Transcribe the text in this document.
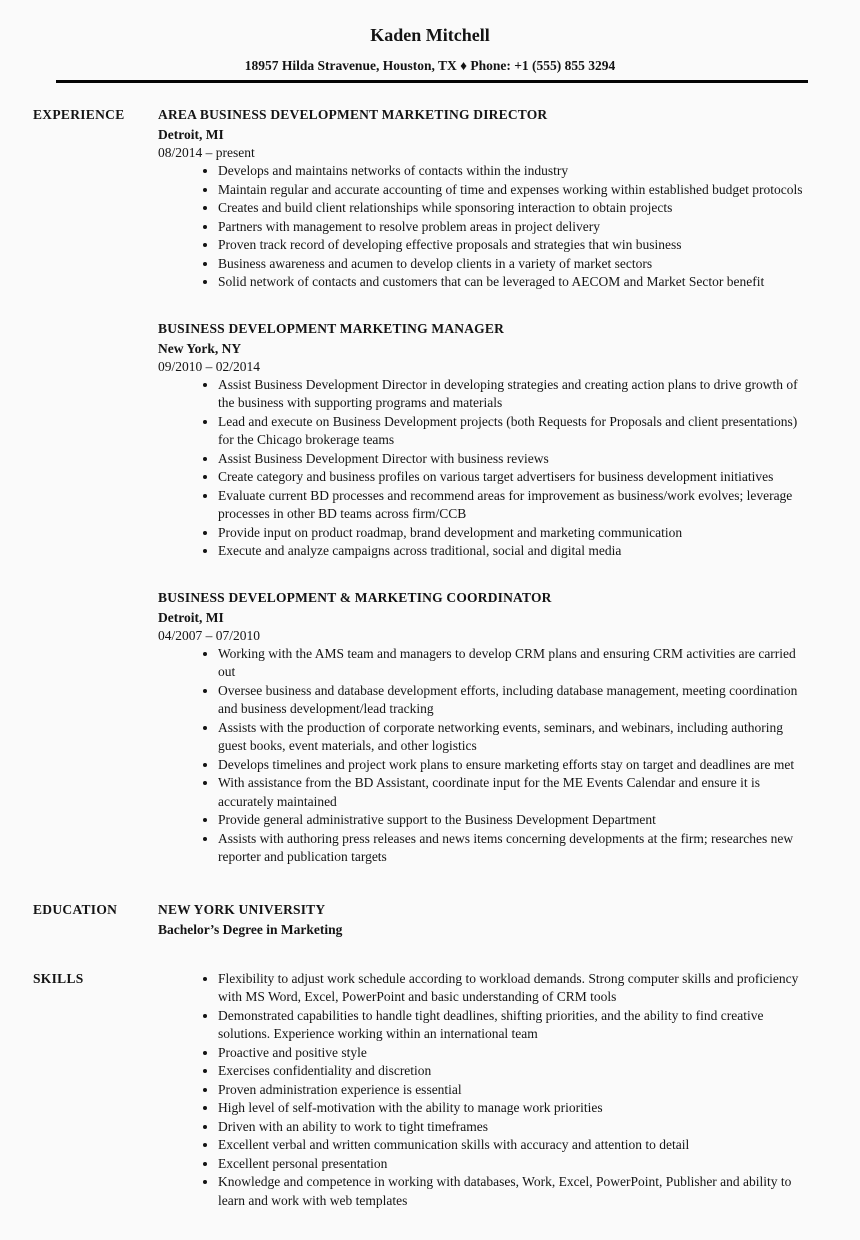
Kaden Mitchell
18957 Hilda Stravenue, Houston, TX ♦ Phone: +1 (555) 855 3294
EXPERIENCE	AREA BUSINESS DEVELOPMENT MARKETING DIRECTOR
Detroit, MI
08/2014 – present
• Develops and maintains networks of contacts within the industry
• Maintain regular and accurate accounting of time and expenses working within established budget protocols
• Creates and build client relationships while sponsoring interaction to obtain projects
• Partners with management to resolve problem areas in project delivery
• Proven track record of developing effective proposals and strategies that win business
• Business awareness and acumen to develop clients in a variety of market sectors
• Solid network of contacts and customers that can be leveraged to AECOM and Market Sector benefit
BUSINESS DEVELOPMENT MARKETING MANAGER
New York, NY
09/2010 – 02/2014
• Assist Business Development Director in developing strategies and creating action plans to drive growth of the business with supporting programs and materials
• Lead and execute on Business Development projects (both Requests for Proposals and client presentations) for the Chicago brokerage teams
• Assist Business Development Director with business reviews
• Create category and business profiles on various target advertisers for business development initiatives
• Evaluate current BD processes and recommend areas for improvement as business/work evolves; leverage processes in other BD teams across firm/CCB
• Provide input on product roadmap, brand development and marketing communication
• Execute and analyze campaigns across traditional, social and digital media
BUSINESS DEVELOPMENT & MARKETING COORDINATOR
Detroit, MI
04/2007 – 07/2010
• Working with the AMS team and managers to develop CRM plans and ensuring CRM activities are carried out
• Oversee business and database development efforts, including database management, meeting coordination and business development/lead tracking
• Assists with the production of corporate networking events, seminars, and webinars, including authoring guest books, event materials, and other logistics
• Develops timelines and project work plans to ensure marketing efforts stay on target and deadlines are met
• With assistance from the BD Assistant, coordinate input for the ME Events Calendar and ensure it is accurately maintained
• Provide general administrative support to the Business Development Department
• Assists with authoring press releases and news items concerning developments at the firm; researches new reporter and publication targets
EDUCATION	NEW YORK UNIVERSITY
Bachelor’s Degree in Marketing
SKILLS	• Flexibility to adjust work schedule according to workload demands. Strong computer skills and proficiency with MS Word, Excel, PowerPoint and basic understanding of CRM tools
• Demonstrated capabilities to handle tight deadlines, shifting priorities, and the ability to find creative solutions. Experience working within an international team
• Proactive and positive style
• Exercises confidentiality and discretion
• Proven administration experience is essential
• High level of self-motivation with the ability to manage work priorities
• Driven with an ability to work to tight timeframes
• Excellent verbal and written communication skills with accuracy and attention to detail
• Excellent personal presentation
• Knowledge and competence in working with databases, Work, Excel, PowerPoint, Publisher and ability to learn and work with web templates
